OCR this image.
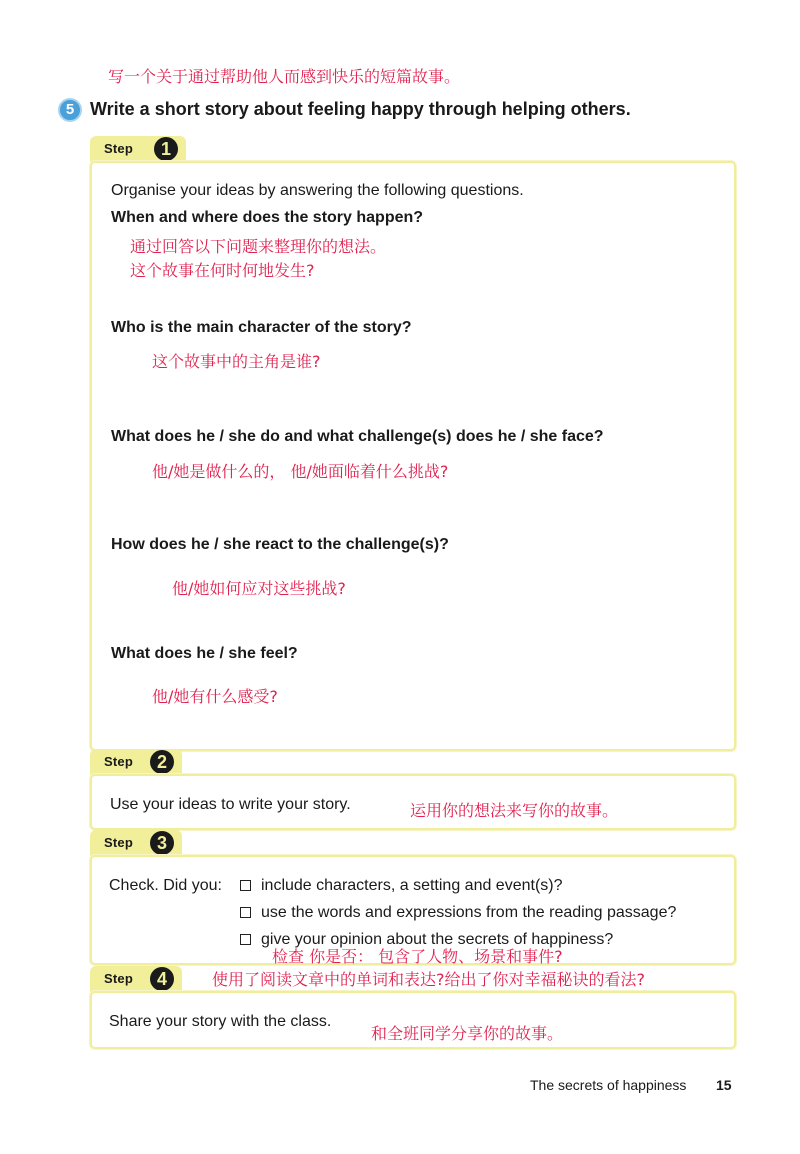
写一个关于通过帮助他人而感到快乐的短篇故事。
5 Write a short story about feeling happy through helping others.
Step	1
Organise your ideas by answering the following questions.
When and where does the story happen?
通过回答以下问题来整理你的想法。
这个故事在何时何地发生?
Who is the main character of the story?
这个故事中的主角是谁?
What does he / she do and what challenge(s) does he / she face?
他/她是做什么的， 他/她面临着什么挑战?
How does he / she react to the challenge(s)?
他/她如何应对这些挑战?
What does he / she feel?
他/她有什么感受?
Step	2
Use your ideas to write your story.	运用你的想法来写你的故事。
Step	3
Check. Did you:	include characters, a setting and event(s)?
use the words and expressions from the reading passage?
give your opinion about the secrets of happiness?
检查 你是否： 包含了人物、场景和事件?
Step	4	使用了阅读文章中的单词和表达?给出了你对幸福秘诀的看法?
Share your story with the class.
和全班同学分享你的故事。
The secrets of happiness 15
